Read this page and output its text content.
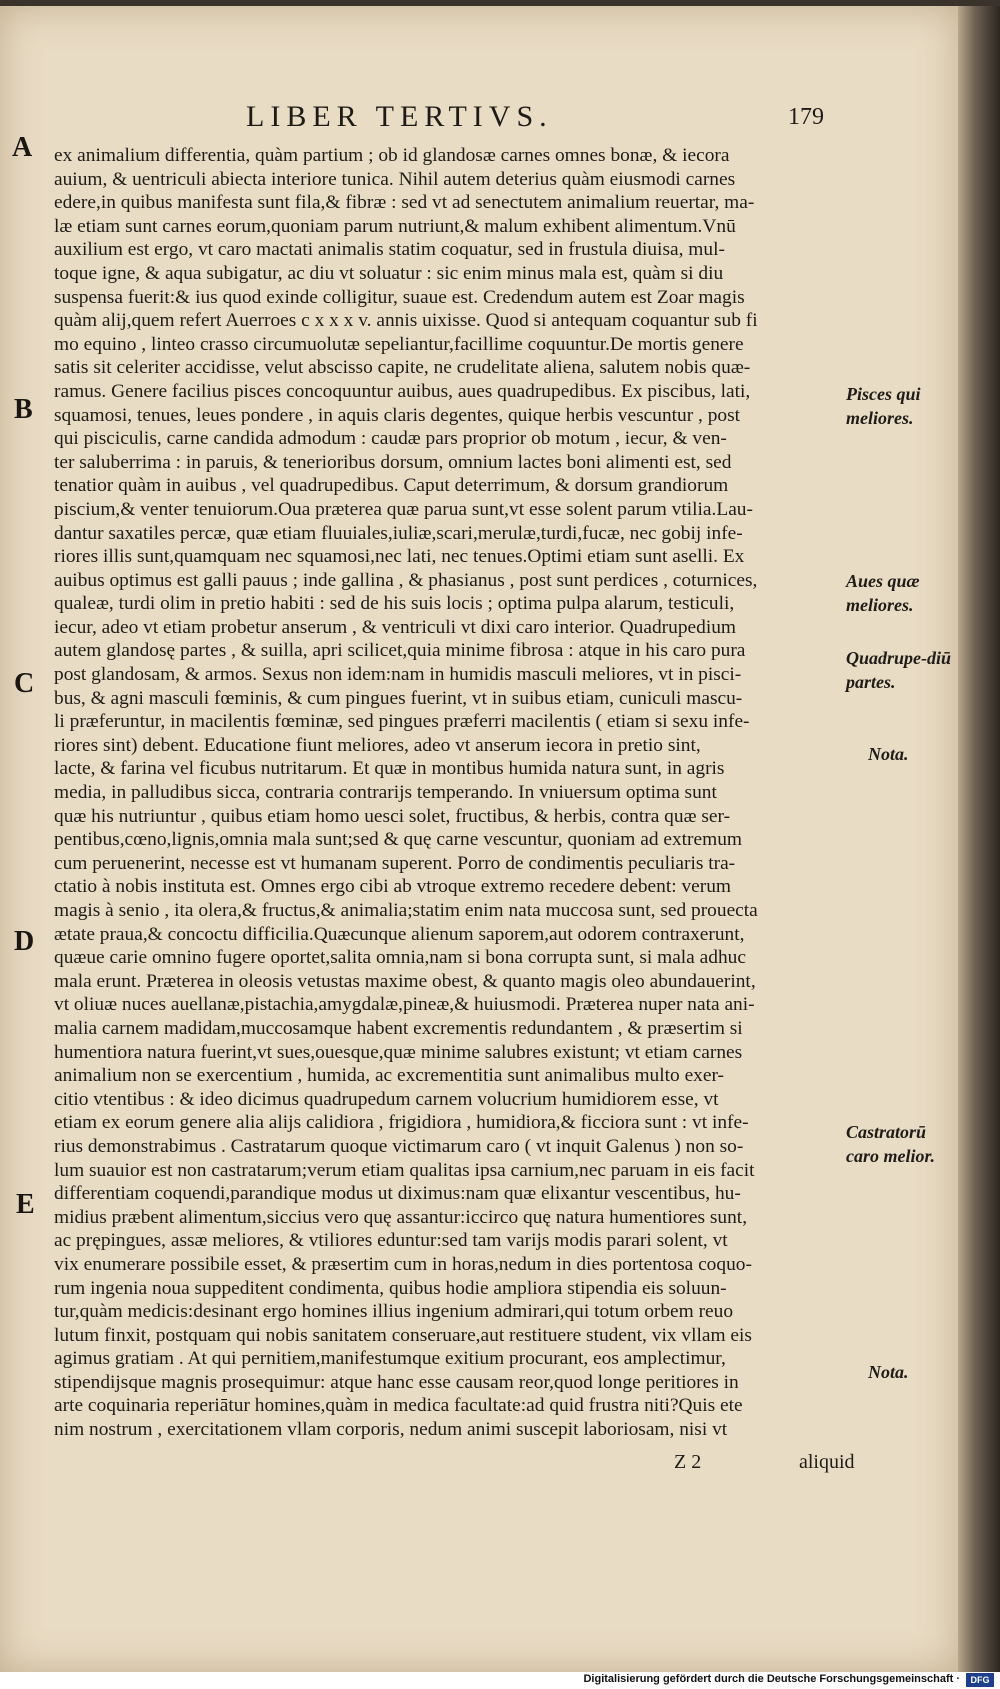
LIBER TERTIVS.	179
A
B
C
D
E
ex animalium differentia, quàm partium ; ob id glandosæ carnes omnes bonæ, & iecora
auium, & uentriculi abiecta interiore tunica. Nihil autem deterius quàm eiusmodi carnes
edere,in quibus manifesta sunt fila,& fibræ : sed vt ad senectutem animalium reuertar, ma-
læ etiam sunt carnes eorum,quoniam parum nutriunt,& malum exhibent alimentum.Vnū
auxilium est ergo, vt caro mactati animalis statim coquatur, sed in frustula diuisa, mul-
toque igne, & aqua subigatur, ac diu vt soluatur : sic enim minus mala est, quàm si diu
suspensa fuerit:& ius quod exinde colligitur, suaue est. Credendum autem est Zoar magis
quàm alij,quem refert Auerroes c x x x v. annis uixisse. Quod si antequam coquantur sub fi
mo equino , linteo crasso circumuolutæ sepeliantur,facillime coquuntur.De mortis genere
satis sit celeriter accidisse, velut abscisso capite, ne crudelitate aliena, salutem nobis quæ-
ramus. Genere facilius pisces concoquuntur auibus, aues quadrupedibus. Ex piscibus, lati,
squamosi, tenues, leues pondere , in aquis claris degentes, quique herbis vescuntur , post
qui pisciculis, carne candida admodum : caudæ pars proprior ob motum , iecur, & ven-
ter saluberrima : in paruis, & tenerioribus dorsum, omnium lactes boni alimenti est, sed
tenatior quàm in auibus , vel quadrupedibus. Caput deterrimum, & dorsum grandiorum
piscium,& venter tenuiorum.Oua præterea quæ parua sunt,vt esse solent parum vtilia.Lau-
dantur saxatiles percæ, quæ etiam fluuiales,iuliæ,scari,merulæ,turdi,fucæ, nec gobij infe-
riores illis sunt,quamquam nec squamosi,nec lati, nec tenues.Optimi etiam sunt aselli. Ex
auibus optimus est galli pauus ; inde gallina , & phasianus , post sunt perdices , coturnices,
qualeæ, turdi olim in pretio habiti : sed de his suis locis ; optima pulpa alarum, testiculi,
iecur, adeo vt etiam probetur anserum , & ventriculi vt dixi caro interior. Quadrupedium
autem glandosę partes , & suilla, apri scilicet,quia minime fibrosa : atque in his caro pura
post glandosam, & armos. Sexus non idem:nam in humidis masculi meliores, vt in pisci-
bus, & agni masculi fœminis, & cum pingues fuerint, vt in suibus etiam, cuniculi mascu-
li præferuntur, in macilentis fœminæ, sed pingues præferri macilentis ( etiam si sexu infe-
riores sint) debent. Educatione fiunt meliores, adeo vt anserum iecora in pretio sint,
lacte, & farina vel ficubus nutritarum. Et quæ in montibus humida natura sunt, in agris
media, in palludibus sicca, contraria contrarijs temperando. In vniuersum optima sunt
quæ his nutriuntur , quibus etiam homo uesci solet, fructibus, & herbis, contra quæ ser-
pentibus,cœno,lignis,omnia mala sunt;sed & quę carne vescuntur, quoniam ad extremum
cum peruenerint, necesse est vt humanam superent. Porro de condimentis peculiaris tra-
ctatio à nobis instituta est. Omnes ergo cibi ab vtroque extremo recedere debent: verum
magis à senio , ita olera,& fructus,& animalia;statim enim nata muccosa sunt, sed prouecta
ætate praua,& concoctu difficilia.Quæcunque alienum saporem,aut odorem contraxerunt,
quæue carie omnino fugere oportet,salita omnia,nam si bona corrupta sunt, si mala adhuc
mala erunt. Præterea in oleosis vetustas maxime obest, & quanto magis oleo abundauerint,
vt oliuæ nuces auellanæ,pistachia,amygdalæ,pineæ,& huiusmodi. Præterea nuper nata ani-
malia carnem madidam,muccosamque habent excrementis redundantem , & præsertim si
humentiora natura fuerint,vt sues,ouesque,quæ minime salubres existunt; vt etiam carnes
animalium non se exercentium , humida, ac excrementitia sunt animalibus multo exer-
citio vtentibus : & ideo dicimus quadrupedum carnem volucrium humidiorem esse, vt
etiam ex eorum genere alia alijs calidiora , frigidiora , humidiora,& ficciora sunt : vt infe-
rius demonstrabimus . Castratarum quoque victimarum caro ( vt inquit Galenus ) non so-
lum suauior est non castratarum;verum etiam qualitas ipsa carnium,nec paruam in eis facit
differentiam coquendi,parandique modus ut diximus:nam quæ elixantur vescentibus, hu-
midius præbent alimentum,siccius vero quę assantur:iccirco quę natura humentiores sunt,
ac prępingues, assæ meliores, & vtiliores eduntur:sed tam varijs modis parari solent, vt
vix enumerare possibile esset, & præsertim cum in horas,nedum in dies portentosa coquo-
rum ingenia noua suppeditent condimenta, quibus hodie ampliora stipendia eis soluun-
tur,quàm medicis:desinant ergo homines illius ingenium admirari,qui totum orbem reuo
lutum finxit, postquam qui nobis sanitatem conseruare,aut restituere student, vix vllam eis
agimus gratiam . At qui pernitiem,manifestumque exitium procurant, eos amplectimur,
stipendijsque magnis prosequimur: atque hanc esse causam reor,quod longe peritiores in
arte coquinaria reperiātur homines,quàm in medica facultate:ad quid frustra niti?Quis ete
nim nostrum , exercitationem vllam corporis, nedum animi suscepit laboriosam, nisi vt
Pisces qui meliores.
Aues quæ meliores.
Quadrupe-diū partes.
Nota.
Castratorū caro melior.
Nota.
Z 2	aliquid
Digitalisierung gefördert durch die Deutsche Forschungsgemeinschaft ·	DFG
